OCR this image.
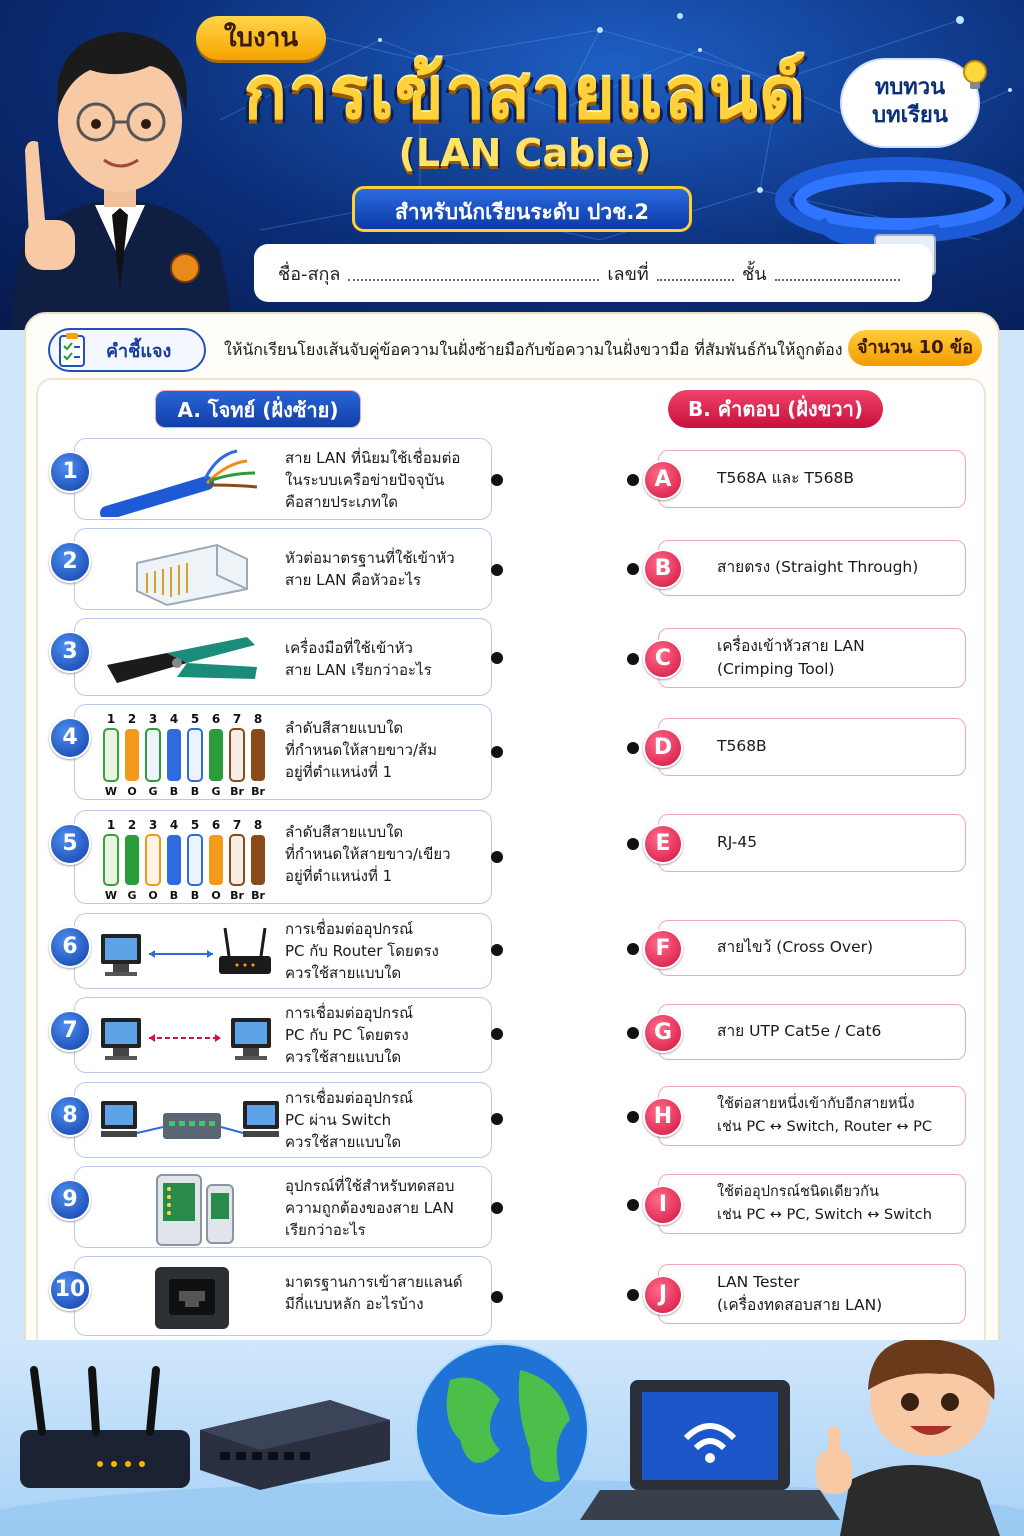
ใบงาน
การเข้าสายแลนด์
(LAN Cable)
สำหรับนักเรียนระดับ ปวช.2
ทบทวน
บทเรียน
ชื่อ-สกุล	เลขที่	ชั้น
คำชี้แจง	ให้นักเรียนโยงเส้นจับคู่ข้อความในฝั่งซ้ายมือกับข้อความในฝั่งขวามือ ที่สัมพันธ์กันให้ถูกต้อง จำนวน 10 ข้อ
A. โจทย์ (ฝั่งซ้าย)	B. คำตอบ (ฝั่งขวา)
1
สาย LAN ที่นิยมใช้เชื่อมต่อ
ในระบบเครือข่ายปัจจุบัน
คือสายประเภทใด
2	หัวต่อมาตรฐานที่ใช้เข้าหัว
สาย LAN คือหัวอะไร
3	เครื่องมือที่ใช้เข้าหัว
สาย LAN เรียกว่าอะไร
4
1 2 3 4 5 6 7 8
W O G B B G Br Br
ลำดับสีสายแบบใด
ที่กำหนดให้สายขาว/ส้ม
อยู่ที่ตำแหน่งที่ 1
5
1 2 3 4 5 6 7 8
W G O B B O Br Br
ลำดับสีสายแบบใด
ที่กำหนดให้สายขาว/เขียว
อยู่ที่ตำแหน่งที่ 1
6
การเชื่อมต่ออุปกรณ์
PC กับ Router โดยตรง
ควรใช้สายแบบใด
7
การเชื่อมต่ออุปกรณ์
PC กับ PC โดยตรง
ควรใช้สายแบบใด
8
การเชื่อมต่ออุปกรณ์
PC ผ่าน Switch
ควรใช้สายแบบใด
9
อุปกรณ์ที่ใช้สำหรับทดสอบ
ความถูกต้องของสาย LAN
เรียกว่าอะไร
10	มาตรฐานการเข้าสายแลนด์
มีกี่แบบหลัก อะไรบ้าง
A	T568A และ T568B
B	สายตรง (Straight Through)
C	เครื่องเข้าหัวสาย LAN
(Crimping Tool)
D	T568B
E	RJ-45
F	สายไขว้ (Cross Over)
G	สาย UTP Cat5e / Cat6
H	ใช้ต่อสายหนึ่งเข้ากับอีกสายหนึ่ง
เช่น PC ↔ Switch, Router ↔ PC
I	ใช้ต่ออุปกรณ์ชนิดเดียวกัน
เช่น PC ↔ PC, Switch ↔ Switch
J	LAN Tester
(เครื่องทดสอบสาย LAN)
